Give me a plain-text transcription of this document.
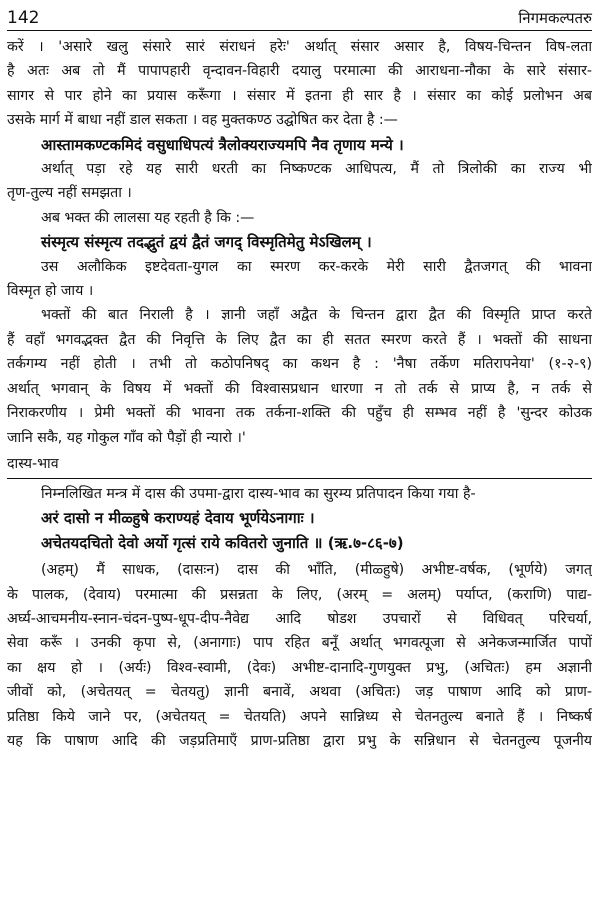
142	निगमकल्पतरु
करें । 'असारे खलु संसारे सारं संराधनं हरेः' अर्थात् संसार असार है, विषय-चिन्तन विष-लता
है अतः अब तो मैं पापापहारी वृन्दावन-विहारी दयालु परमात्मा की आराधना-नौका के सारे संसार-
सागर से पार होने का प्रयास करूँगा । संसार में इतना ही सार है । संसार का कोई प्रलोभन अब
उसके मार्ग में बाधा नहीं डाल सकता । वह मुक्तकण्ठ उद्घोषित कर देता है :—
आस्तामकण्टकमिदं वसुधाधिपत्यं त्रैलोक्यराज्यमपि नैव तृणाय मन्ये ।
अर्थात् पड़ा रहे यह सारी धरती का निष्कण्टक आधिपत्य, मैं तो त्रिलोकी का राज्य भी
तृण-तुल्य नहीं समझता ।
अब भक्त की लालसा यह रहती है कि :—
संस्मृत्य संस्मृत्य तदद्भुतं द्वयं द्वैतं जगद् विस्मृतिमेतु मेऽखिलम् ।
उस अलौकिक इष्टदेवता-युगल का स्मरण कर-करके मेरी सारी द्वैतजगत् की भावना
विस्मृत हो जाय ।
भक्तों की बात निराली है । ज्ञानी जहाँ अद्वैत के चिन्तन द्वारा द्वैत की विस्मृति प्राप्त करते
हैं वहाँ भगवद्भक्त द्वैत की निवृत्ति के लिए द्वैत का ही सतत स्मरण करते हैं । भक्तों की साधना
तर्कगम्य नहीं होती । तभी तो कठोपनिषद् का कथन है : 'नैषा तर्केण मतिरापनेया' (१-२-९)
अर्थात् भगवान् के विषय में भक्तों की विश्वासप्रधान धारणा न तो तर्क से प्राप्य है, न तर्क से
निराकरणीय । प्रेमी भक्तों की भावना तक तर्कना-शक्ति की पहुँच ही सम्भव नहीं है 'सुन्दर कोउक
जानि सकै, यह गोकुल गाँव को पैड़ों ही न्यारो ।'
दास्य-भाव
निम्नलिखित मन्त्र में दास की उपमा-द्वारा दास्य-भाव का सुरम्य प्रतिपादन किया गया है-
अरं दासो न मीळ्हुषे कराण्यहं देवाय भूर्णयेऽनागाः ।
अचेतयदचितो देवो अर्यो गृत्सं राये कवितरो जुनाति ॥ (ऋ.७-८६-७)
(अहम्) मैं साधक, (दासःन) दास की भाँति, (मीळ्हुषे) अभीष्ट-वर्षक, (भूर्णये) जगत्
के पालक, (देवाय) परमात्मा की प्रसन्नता के लिए, (अरम् = अलम्) पर्याप्त, (कराणि) पाद्य-
अर्घ्य-आचमनीय-स्नान-चंदन-पुष्प-धूप-दीप-नैवेद्य आदि षोडश उपचारों से विधिवत् परिचर्या,
सेवा करूँ । उनकी कृपा से, (अनागाः) पाप रहित बनूँ अर्थात् भगवत्पूजा से अनेकजन्मार्जित पापों
का क्षय हो । (अर्यः) विश्व-स्वामी, (देवः) अभीष्ट-दानादि-गुणयुक्त प्रभु, (अचितः) हम अज्ञानी
जीवों को, (अचेतयत् = चेतयतु) ज्ञानी बनावें, अथवा (अचितः) जड़ पाषाण आदि को प्राण-
प्रतिष्ठा किये जाने पर, (अचेतयत् = चेतयति) अपने सान्निध्य से चेतनतुल्य बनाते हैं । निष्कर्ष
यह कि पाषाण आदि की जड़प्रतिमाएँ प्राण-प्रतिष्ठा द्वारा प्रभु के सन्निधान से चेतनतुल्य पूजनीय
